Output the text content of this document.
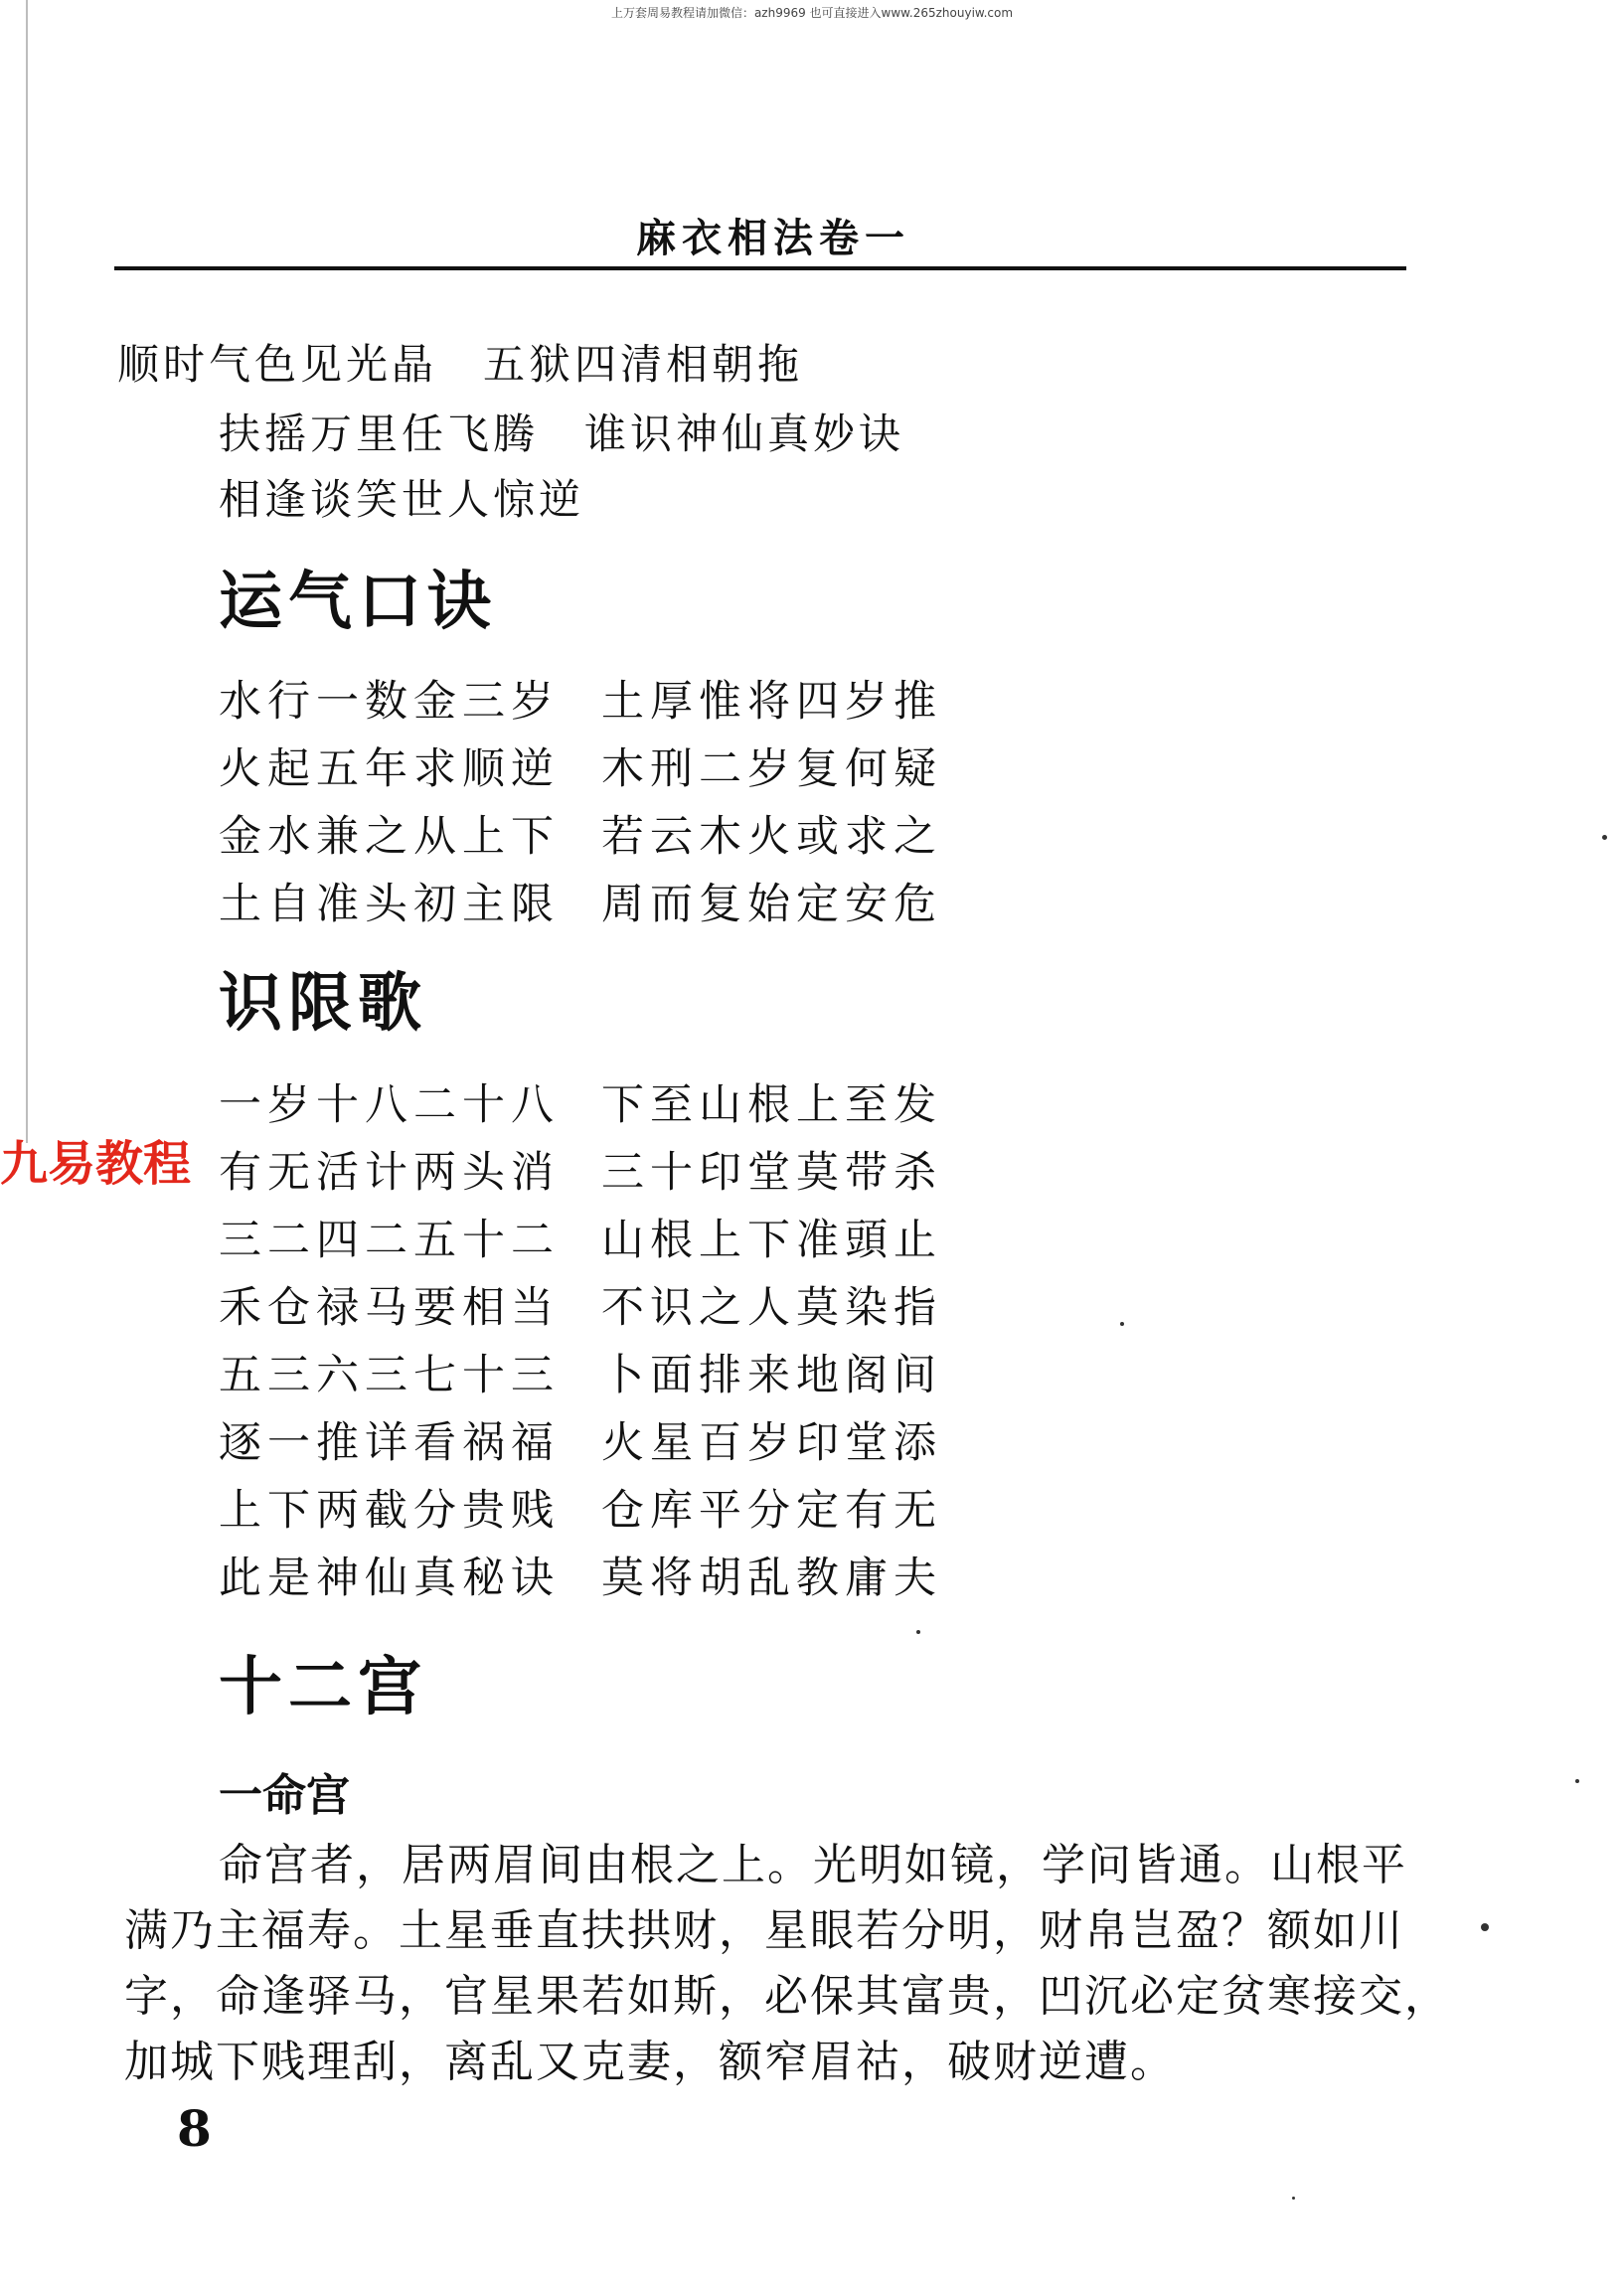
上万套周易教程请加微信：azh9969 也可直接进入www.265zhouyiw.com
麻衣相法卷一
顺时气色见光晶　五狱四清相朝拖
扶摇万里任飞腾　谁识神仙真妙诀
相逢谈笑世人惊逆
运气口诀
水行一数金三岁
火起五年求顺逆
金水兼之从上下
土自准头初主限
土厚惟将四岁推
木刑二岁复何疑
若云木火或求之
周而复始定安危
识限歌
一岁十八二十八
有无活计两头消
三二四二五十二
禾仓禄马要相当
五三六三七十三
逐一推详看祸福
上下两截分贵贱
此是神仙真秘诀
下至山根上至发
三十印堂莫带杀
山根上下准頭止
不识之人莫染指
卜面排来地阁间
火星百岁印堂添
仓库平分定有无
莫将胡乱教庸夫
九易教程
十二宫
一命宫
命宫者，居两眉间由根之上。光明如镜，学问皆通。山根平
满乃主福寿。土星垂直扶拱财，星眼若分明，财帛岂盈？额如川
字，命逢驿马，官星果若如斯，必保其富贵，凹沉必定贫寒接交，
加城下贱理刮，离乱又克妻，额窄眉祜，破财逆遭。
8
